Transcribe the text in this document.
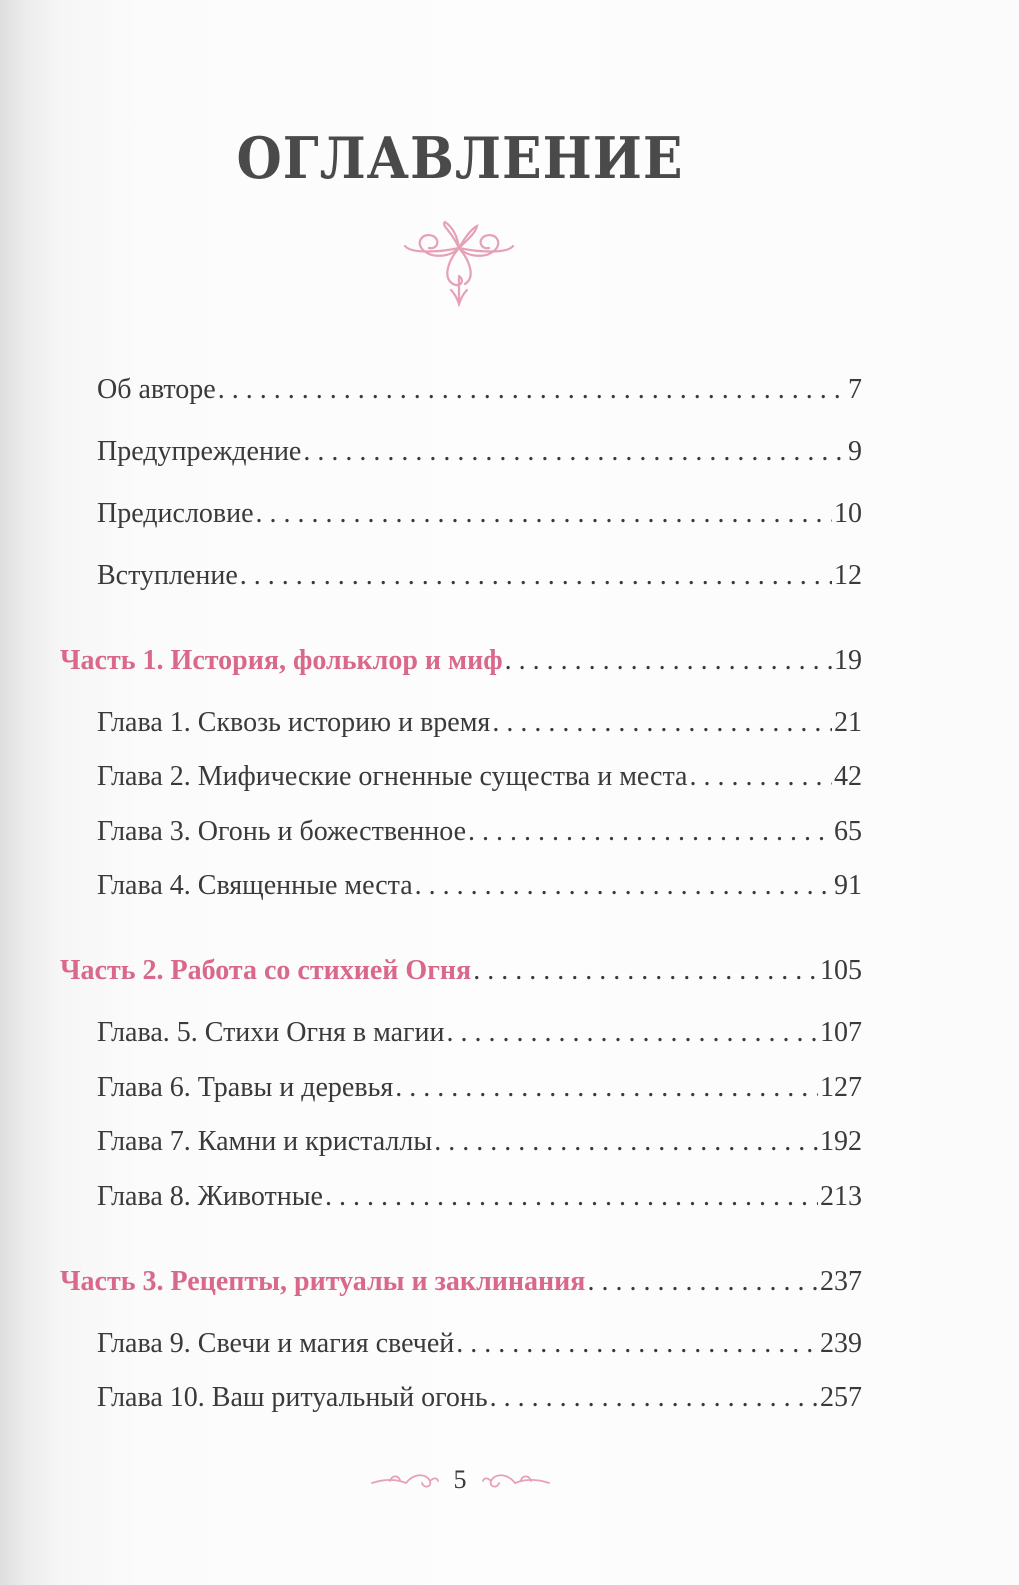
ОГЛАВЛЕНИЕ
Об авторе . . .	7
Предупреждение . . .	9
Предисловие . . .	10
Вступление . . .	12
Часть 1. История, фольклор и миф . . .	19
Глава 1. Сквозь историю и время . . .	21
Глава 2. Мифические огненные существа и места . . .	42
Глава 3. Огонь и божественное . . .	65
Глава 4. Священные места . . .	91
Часть 2. Работа со стихией Огня . . .	105
Глава. 5. Стихи Огня в магии . . .	107
Глава 6. Травы и деревья . . .	127
Глава 7. Камни и кристаллы . . .	192
Глава 8. Животные . . .	213
Часть 3. Рецепты, ритуалы и заклинания . . .	237
Глава 9. Свечи и магия свечей . . .	239
Глава 10. Ваш ритуальный огонь . . .	257
5
